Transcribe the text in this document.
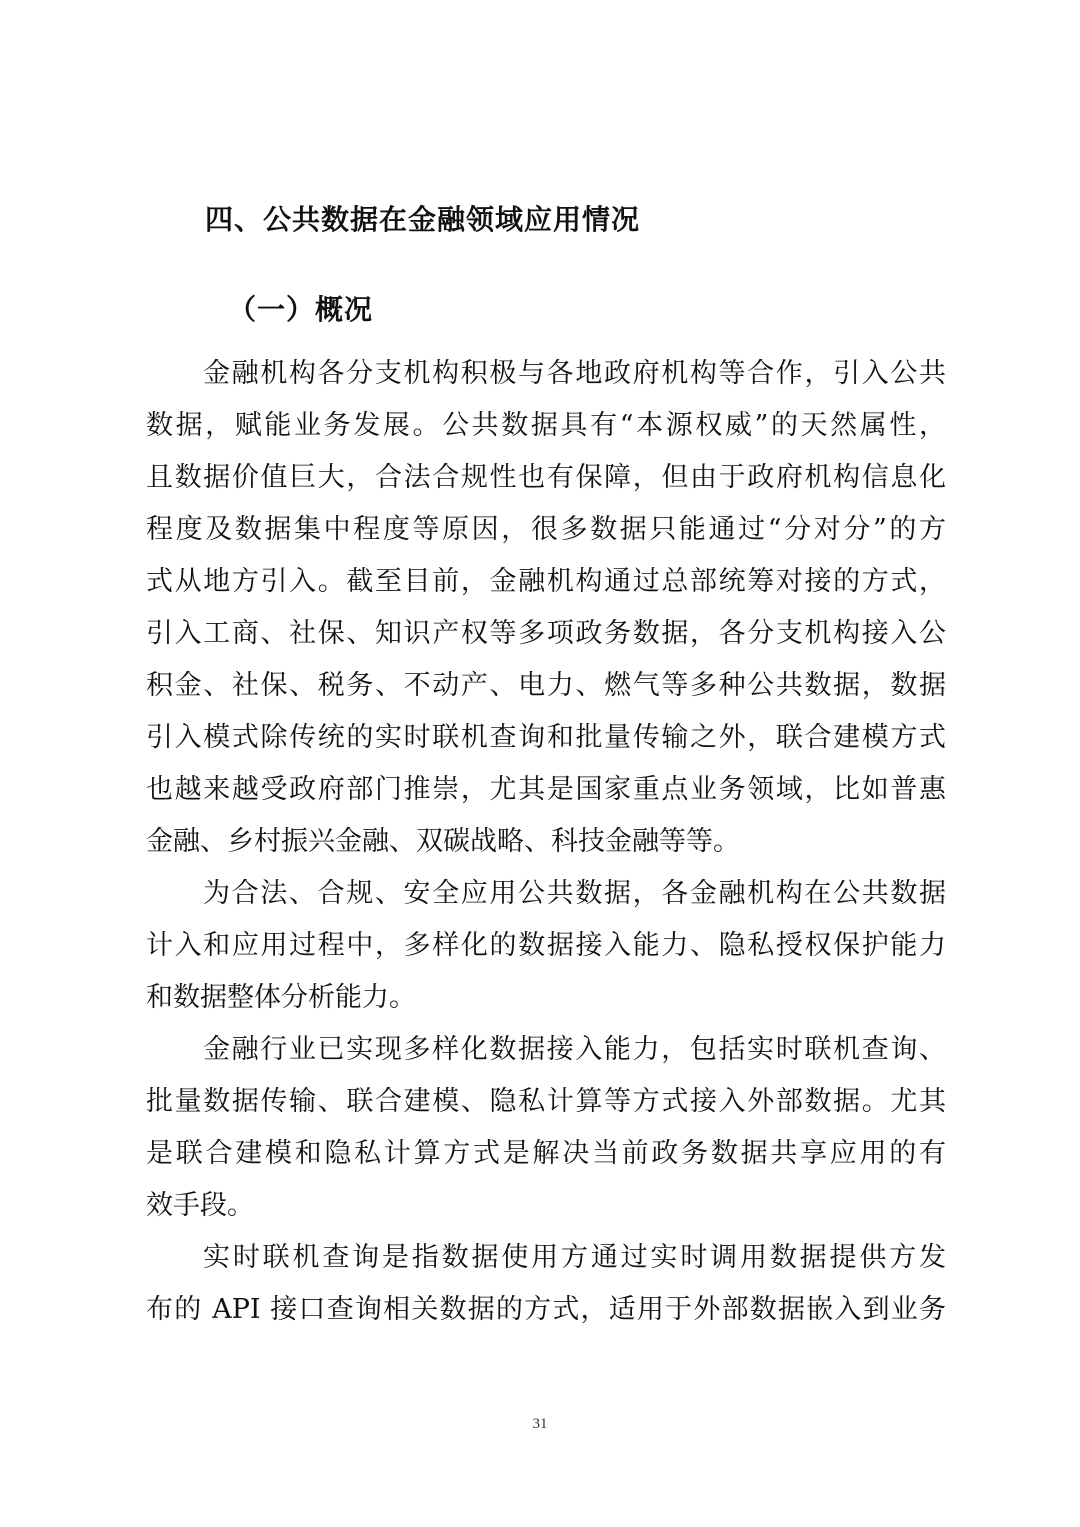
四、公共数据在金融领域应用情况
（一）概况
金融机构各分支机构积极与各地政府机构等合作，引入公共
数据，赋能业务发展。公共数据具有“本源权威”的天然属性，
且数据价值巨大，合法合规性也有保障，但由于政府机构信息化
程度及数据集中程度等原因，很多数据只能通过“分对分”的方
式从地方引入。截至目前，金融机构通过总部统筹对接的方式，
引入工商、社保、知识产权等多项政务数据，各分支机构接入公
积金、社保、税务、不动产、电力、燃气等多种公共数据，数据
引入模式除传统的实时联机查询和批量传输之外，联合建模方式
也越来越受政府部门推崇，尤其是国家重点业务领域，比如普惠
金融、乡村振兴金融、双碳战略、科技金融等等。
为合法、合规、安全应用公共数据，各金融机构在公共数据
计入和应用过程中，多样化的数据接入能力、隐私授权保护能力
和数据整体分析能力。
金融行业已实现多样化数据接入能力，包括实时联机查询、
批量数据传输、联合建模、隐私计算等方式接入外部数据。尤其
是联合建模和隐私计算方式是解决当前政务数据共享应用的有
效手段。
实时联机查询是指数据使用方通过实时调用数据提供方发
布的 API 接口查询相关数据的方式，适用于外部数据嵌入到业务
31
